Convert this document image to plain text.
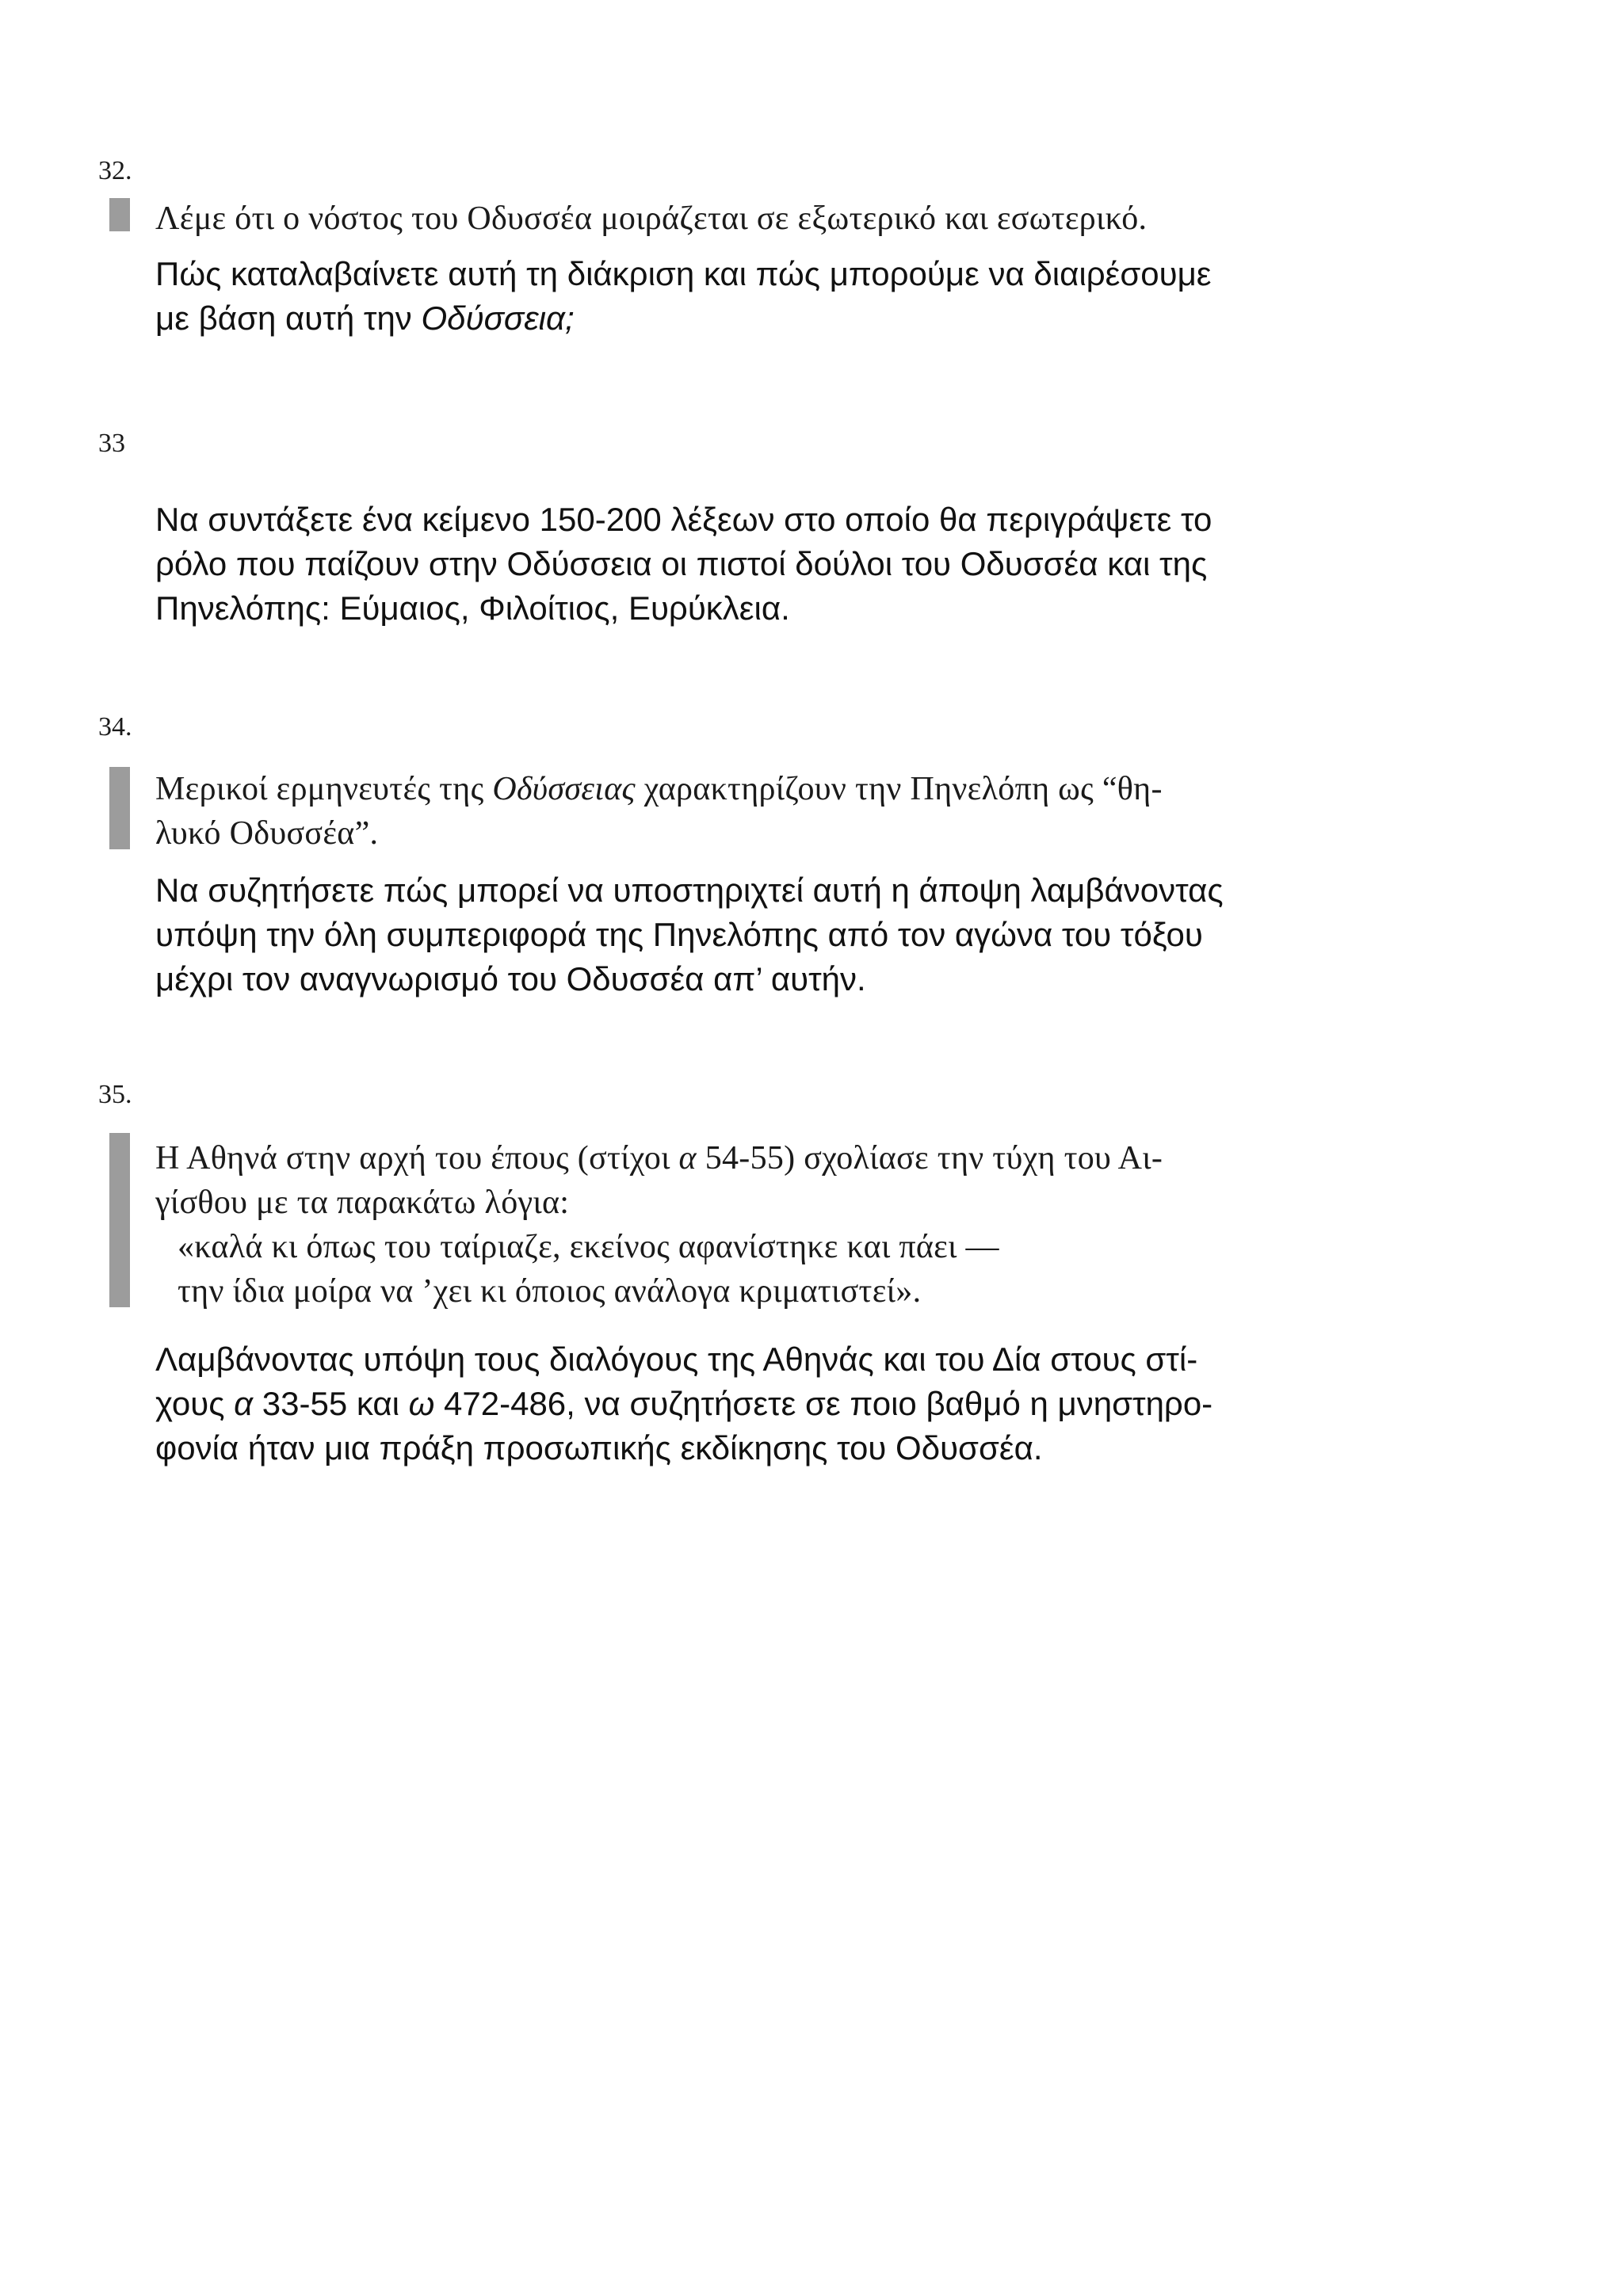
32.
Λέμε ότι ο νόστος του Οδυσσέα μοιράζεται σε εξωτερικό και εσωτερικό.
Πώς καταλαβαίνετε αυτή τη διάκριση και πώς μπορούμε να διαιρέσουμε
με βάση αυτή την Οδύσσεια;
33
Να συντάξετε ένα κείμενο 150-200 λέξεων στο οποίο θα περιγράψετε το
ρόλο που παίζουν στην Οδύσσεια οι πιστοί δούλοι του Οδυσσέα και της
Πηνελόπης: Εύμαιος, Φιλοίτιος, Ευρύκλεια.
34.
Μερικοί ερμηνευτές της Οδύσσειας χαρακτηρίζουν την Πηνελόπη ως “θη-
λυκό Οδυσσέα”.
Να συζητήσετε πώς μπορεί να υποστηριχτεί αυτή η άποψη λαμβάνοντας
υπόψη την όλη συμπεριφορά της Πηνελόπης από τον αγώνα του τόξου
μέχρι τον αναγνωρισμό του Οδυσσέα απ’ αυτήν.
35.
Η Αθηνά στην αρχή του έπους (στίχοι α 54-55) σχολίασε την τύχη του Αι-
γίσθου με τα παρακάτω λόγια:
«καλά κι όπως του ταίριαζε, εκείνος αφανίστηκε και πάει —
την ίδια μοίρα να ’χει κι όποιος ανάλογα κριματιστεί».
Λαμβάνοντας υπόψη τους διαλόγους της Αθηνάς και του Δία στους στί-
χους α 33-55 και ω 472-486, να συζητήσετε σε ποιο βαθμό η μνηστηρο-
φονία ήταν μια πράξη προσωπικής εκδίκησης του Οδυσσέα.
